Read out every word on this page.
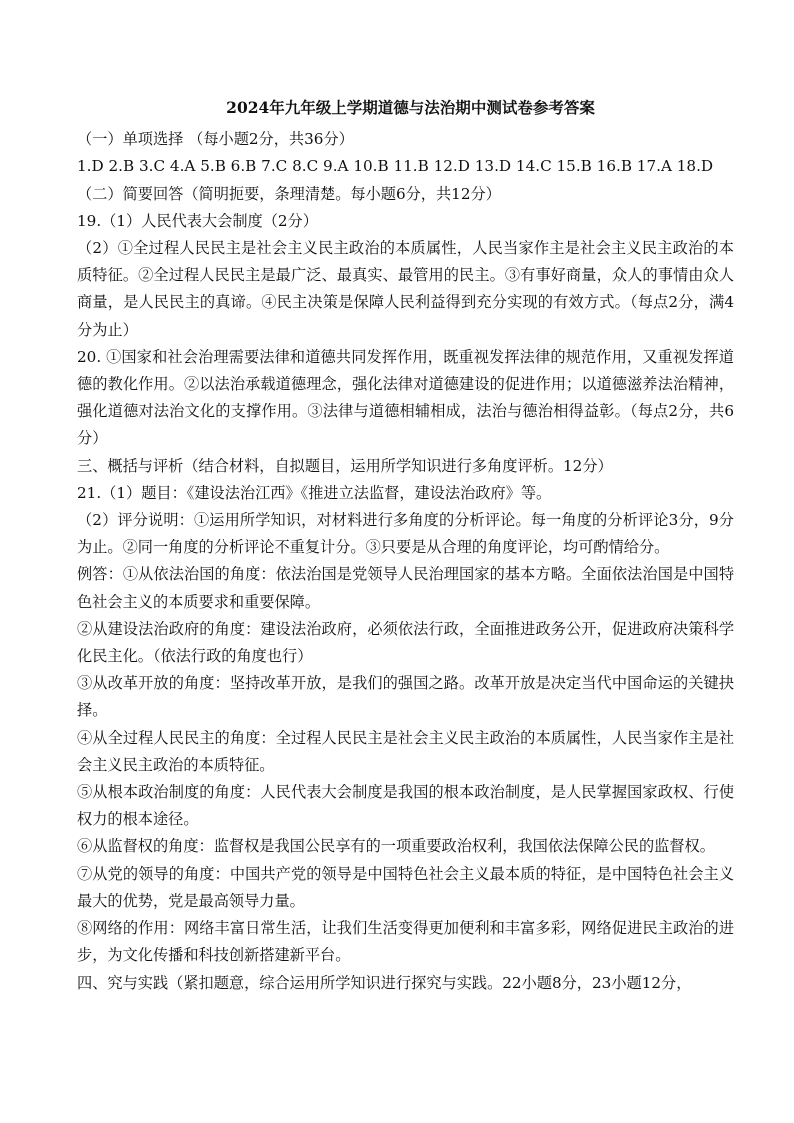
2024年九年级上学期道德与法治期中测试卷参考答案
（一）单项选择 （每小题2分，共36分）
1.D 2.B 3.C 4.A 5.B 6.B 7.C 8.C 9.A 10.B 11.B 12.D 13.D 14.C 15.B 16.B 17.A 18.D
（二）简要回答（简明扼要，条理清楚。每小题6分，共12分）
19.（1）人民代表大会制度（2分）
（2）①全过程人民民主是社会主义民主政治的本质属性，人民当家作主是社会主义民主政治的本质特征。②全过程人民民主是最广泛、最真实、最管用的民主。③有事好商量，众人的事情由众人商量，是人民民主的真谛。④民主决策是保障人民利益得到充分实现的有效方式。（每点2分，满4分为止）
20. ①国家和社会治理需要法律和道德共同发挥作用，既重视发挥法律的规范作用，又重视发挥道德的教化作用。②以法治承载道德理念，强化法律对道德建设的促进作用；以道德滋养法治精神，强化道德对法治文化的支撑作用。③法律与道德相辅相成，法治与德治相得益彰。（每点2分，共6分）
三、概括与评析（结合材料，自拟题目，运用所学知识进行多角度评析。12分）
21.（1）题目：《建设法治江西》《推进立法监督，建设法治政府》等。
（2）评分说明：①运用所学知识，对材料进行多角度的分析评论。每一角度的分析评论3分，9分为止。②同一角度的分析评论不重复计分。③只要是从合理的角度评论，均可酌情给分。
例答：①从依法治国的角度：依法治国是党领导人民治理国家的基本方略。全面依法治国是中国特色社会主义的本质要求和重要保障。
②从建设法治政府的角度：建设法治政府，必须依法行政，全面推进政务公开，促进政府决策科学化民主化。（依法行政的角度也行）
③从改革开放的角度：坚持改革开放，是我们的强国之路。改革开放是决定当代中国命运的关键抉择。
④从全过程人民民主的角度：全过程人民民主是社会主义民主政治的本质属性，人民当家作主是社会主义民主政治的本质特征。
⑤从根本政治制度的角度：人民代表大会制度是我国的根本政治制度，是人民掌握国家政权、行使权力的根本途径。
⑥从监督权的角度：监督权是我国公民享有的一项重要政治权利，我国依法保障公民的监督权。
⑦从党的领导的角度：中国共产党的领导是中国特色社会主义最本质的特征，是中国特色社会主义最大的优势，党是最高领导力量。
⑧网络的作用：网络丰富日常生活，让我们生活变得更加便利和丰富多彩，网络促进民主政治的进步，为文化传播和科技创新搭建新平台。
四、究与实践（紧扣题意，综合运用所学知识进行探究与实践。22小题8分，23小题12分，
